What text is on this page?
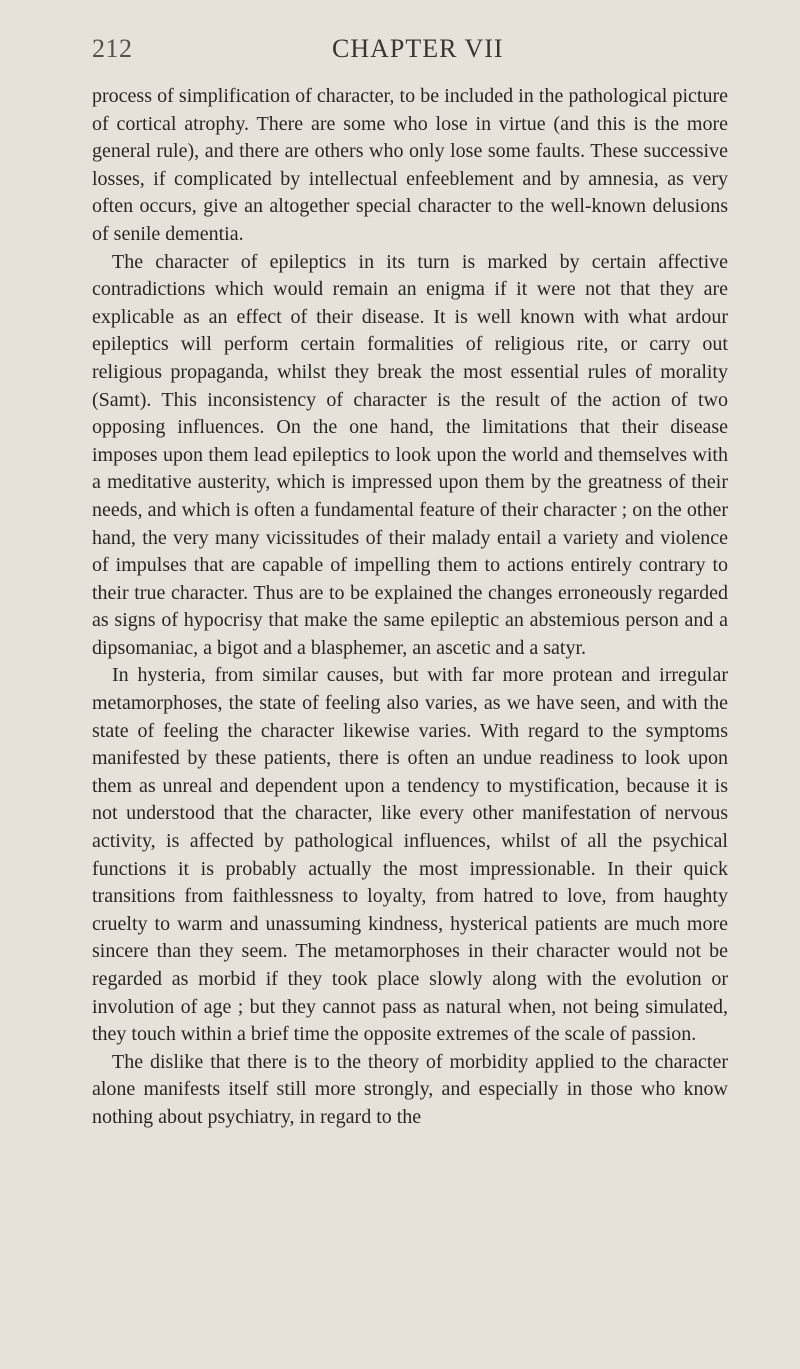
212	CHAPTER VII

process of simplification of character, to be included in the pathological picture of cortical atrophy. There are some who lose in virtue (and this is the more general rule), and there are others who only lose some faults. These successive losses, if complicated by intellectual enfeeblement and by amnesia, as very often occurs, give an altogether special character to the well-known delusions of senile dementia.

The character of epileptics in its turn is marked by certain affective contradictions which would remain an enigma if it were not that they are explicable as an effect of their disease. It is well known with what ardour epileptics will perform certain formalities of religious rite, or carry out religious propaganda, whilst they break the most essential rules of morality (Samt). This inconsistency of character is the result of the action of two opposing influences. On the one hand, the limitations that their disease imposes upon them lead epileptics to look upon the world and themselves with a meditative austerity, which is impressed upon them by the greatness of their needs, and which is often a fundamental feature of their character ; on the other hand, the very many vicissitudes of their malady entail a variety and violence of impulses that are capable of impelling them to actions entirely contrary to their true character. Thus are to be explained the changes erroneously regarded as signs of hypocrisy that make the same epileptic an abstemious person and a dipsomaniac, a bigot and a blasphemer, an ascetic and a satyr.

In hysteria, from similar causes, but with far more protean and irregular metamorphoses, the state of feeling also varies, as we have seen, and with the state of feeling the character likewise varies. With regard to the symptoms manifested by these patients, there is often an undue readiness to look upon them as unreal and dependent upon a tendency to mystification, because it is not understood that the character, like every other manifestation of nervous activity, is affected by pathological influences, whilst of all the psychical functions it is probably actually the most impressionable. In their quick transitions from faithlessness to loyalty, from hatred to love, from haughty cruelty to warm and unassuming kindness, hysterical patients are much more sincere than they seem. The metamorphoses in their character would not be regarded as morbid if they took place slowly along with the evolution or involution of age ; but they cannot pass as natural when, not being simulated, they touch within a brief time the opposite extremes of the scale of passion.

The dislike that there is to the theory of morbidity applied to the character alone manifests itself still more strongly, and especially in those who know nothing about psychiatry, in regard to the
